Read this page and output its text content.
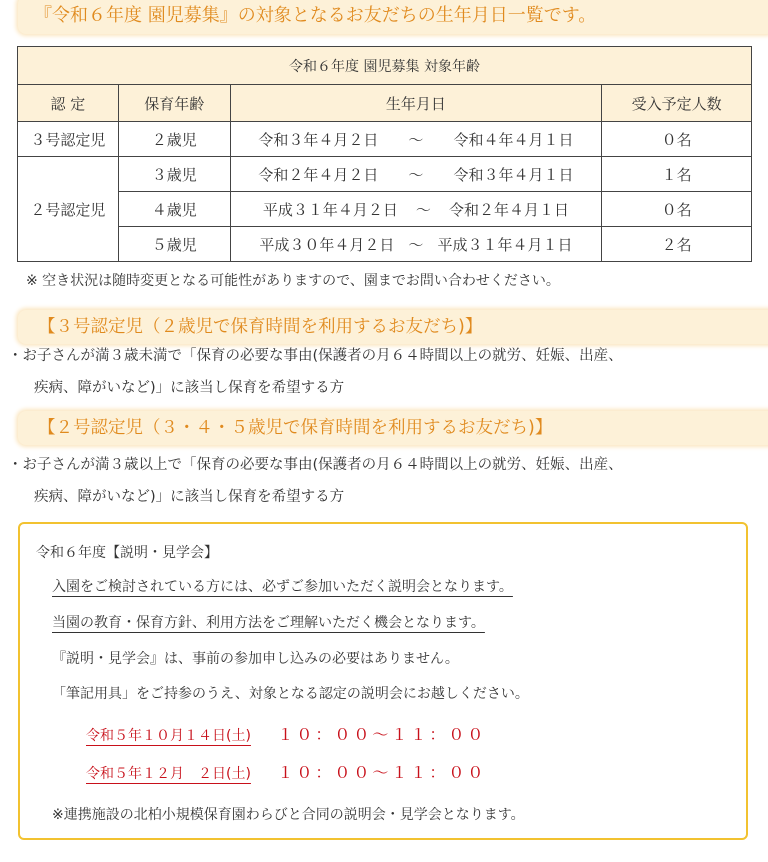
『令和６年度 園児募集』の対象となるお友だちの生年月日一覧です。
令和６年度 園児募集 対象年齢			
認 定	保育年齢	生年月日	受入予定人数
３号認定児	２歳児	令和３年４月２日 ～ 令和４年４月１日	０名
２号認定児	３歳児	令和２年４月２日 ～ 令和３年４月１日	１名
	４歳児	平成３１年４月２日 ～ 令和２年４月１日	０名
	５歳児	平成３０年４月２日 ～ 平成３１年４月１日	２名
※ 空き状況は随時変更となる可能性がありますので、園までお問い合わせください。
【３号認定児（２歳児で保育時間を利用するお友だち)】
・お子さんが満３歳未満で「保育の必要な事由(保護者の月６４時間以上の就労、妊娠、出産、
疾病、障がいなど)」に該当し保育を希望する方
【２号認定児（３・４・５歳児で保育時間を利用するお友だち)】
・お子さんが満３歳以上で「保育の必要な事由(保護者の月６４時間以上の就労、妊娠、出産、
疾病、障がいなど)」に該当し保育を希望する方
令和６年度【説明・見学会】
入園をご検討されている方には、必ずご参加いただく説明会となります。
当園の教育・保育方針、利用方法をご理解いただく機会となります。
『説明・見学会』は、事前の参加申し込みの必要はありません。
「筆記用具」をご持参のうえ、対象となる認定の説明会にお越しください。
令和５年１０月１４日(土) １０：００～１１：００
令和５年１２月　２日(土) １０：００～１１：００
※連携施設の北柏小規模保育園わらびと合同の説明会・見学会となります。
